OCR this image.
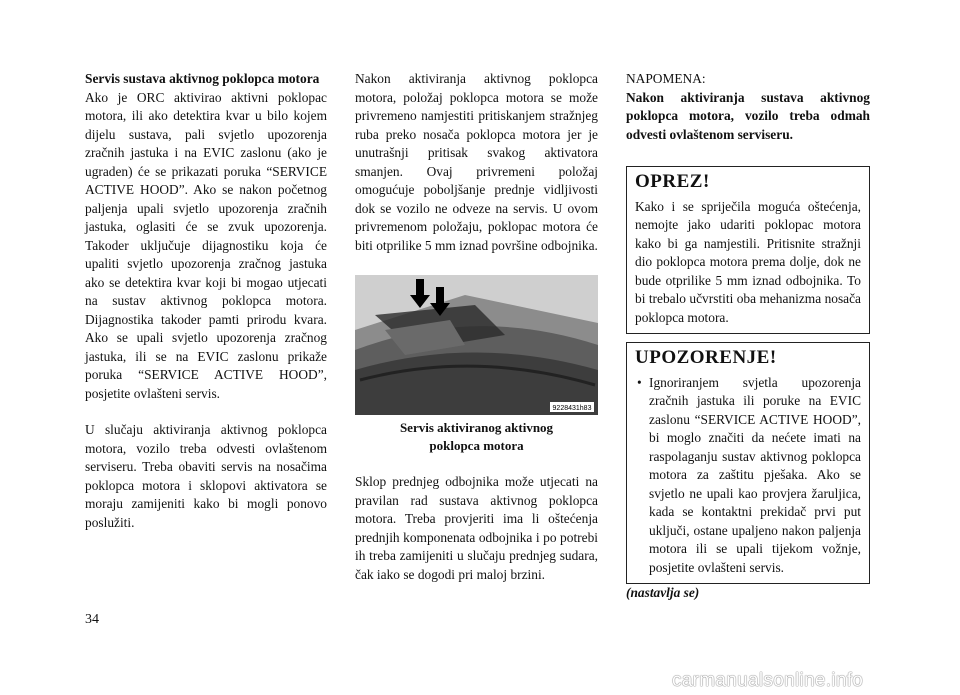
Servis sustava aktivnog poklopca motora

Ako je ORC aktivirao aktivni poklopac motora, ili ako detektira kvar u bilo kojem dijelu sustava, pali svjetlo upozorenja zračnih jastuka i na EVIC zaslonu (ako je ugraden) će se prikazati poruka “SERVICE ACTIVE HOOD”. Ako se nakon početnog paljenja upali svjetlo upozorenja zračnih jastuka, oglasiti će se zvuk upozorenja. Takoder uključuje dijagnostiku koja će upaliti svjetlo upozorenja zračnog jastuka ako se detektira kvar koji bi mogao utjecati na sustav aktivnog poklopca motora. Dijagnostika takoder pamti prirodu kvara. Ako se upali svjetlo upozorenja zračnog jastuka, ili se na EVIC zaslonu prikaže poruka “SERVICE ACTIVE HOOD”, posjetite ovlašteni servis.

U slučaju aktiviranja aktivnog poklopca motora, vozilo treba odvesti ovlaštenom serviseru. Treba obaviti servis na nosačima poklopca motora i sklopovi aktivatora se moraju zamijeniti kako bi mogli ponovo poslužiti.

Nakon aktiviranja aktivnog poklopca motora, položaj poklopca motora se može privremeno namjestiti pritiskanjem stražnjeg ruba preko nosača poklopca motora jer je unutrašnji pritisak svakog aktivatora smanjen. Ovaj privremeni položaj omogućuje poboljšanje prednje vidljivosti dok se vozilo ne odveze na servis. U ovom privremenom položaju, poklopac motora će biti otprilike 5 mm iznad površine odbojnika.

9228431h83
Servis aktiviranog aktivnog
poklopca motora

Sklop prednjeg odbojnika može utjecati na pravilan rad sustava aktivnog poklopca motora. Treba provjeriti ima li oštećenja prednjih komponenata odbojnika i po potrebi ih treba zamijeniti u slučaju prednjeg sudara, čak iako se dogodi pri maloj brzini.

NAPOMENA:

Nakon aktiviranja sustava aktivnog poklopca motora, vozilo treba odmah odvesti ovlaštenom serviseru.

OPREZ!

Kako i se spriječila moguća oštećenja, nemojte jako udariti poklopac motora kako bi ga namjestili. Pritisnite stražnji dio poklopca motora prema dolje, dok ne bude otprilike 5 mm iznad odbojnika. To bi trebalo učvrstiti oba mehanizma nosača poklopca motora.

UPOZORENJE!
• Ignoriranjem svjetla upozorenja zračnih jastuka ili poruke na EVIC zaslonu “SERVICE ACTIVE HOOD”, bi moglo značiti da nećete imati na raspolaganju sustav aktivnog poklopca motora za zaštitu pješaka. Ako se svjetlo ne upali kao provjera žaruljica, kada se kontaktni prekidač prvi put uključi, ostane upaljeno nakon paljenja motora ili se upali tijekom vožnje, posjetite ovlašteni servis.

(nastavlja se)

34
carmanualsonline.info
